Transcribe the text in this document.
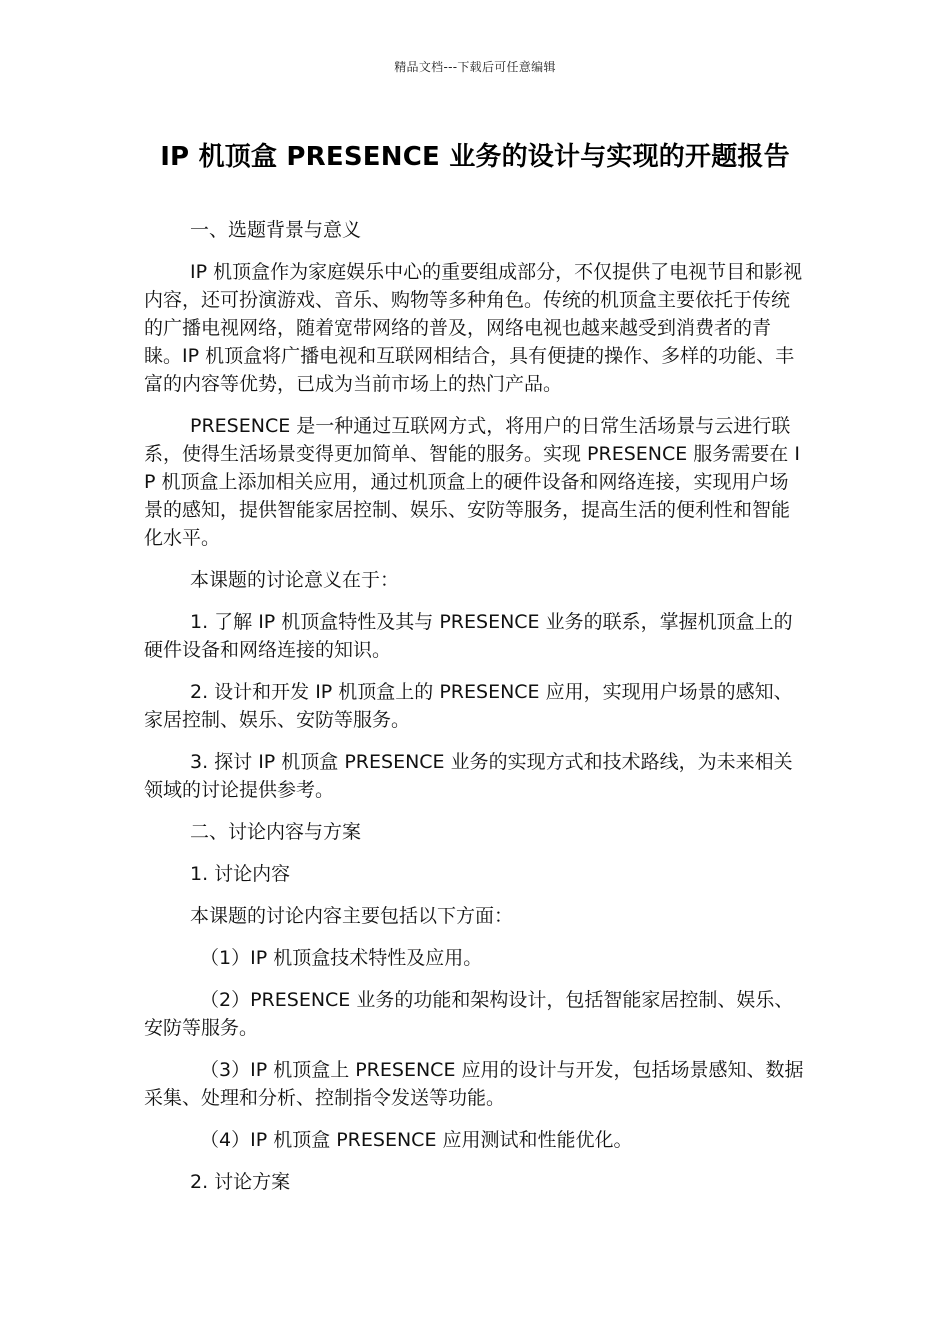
精品文档---下载后可任意编辑
IP 机顶盒 PRESENCE 业务的设计与实现的开题报告

一、选题背景与意义

IP 机顶盒作为家庭娱乐中心的重要组成部分，不仅提供了电视节目和影视内容，还可扮演游戏、音乐、购物等多种角色。传统的机顶盒主要依托于传统的广播电视网络，随着宽带网络的普及，网络电视也越来越受到消费者的青睐。IP 机顶盒将广播电视和互联网相结合，具有便捷的操作、多样的功能、丰富的内容等优势，已成为当前市场上的热门产品。

PRESENCE 是一种通过互联网方式，将用户的日常生活场景与云进行联系，使得生活场景变得更加简单、智能的服务。实现 PRESENCE 服务需要在 IP 机顶盒上添加相关应用，通过机顶盒上的硬件设备和网络连接，实现用户场景的感知，提供智能家居控制、娱乐、安防等服务，提高生活的便利性和智能化水平。

本课题的讨论意义在于：

1. 了解 IP 机顶盒特性及其与 PRESENCE 业务的联系，掌握机顶盒上的硬件设备和网络连接的知识。

2. 设计和开发 IP 机顶盒上的 PRESENCE 应用，实现用户场景的感知、家居控制、娱乐、安防等服务。

3. 探讨 IP 机顶盒 PRESENCE 业务的实现方式和技术路线，为未来相关领域的讨论提供参考。

二、讨论内容与方案

1. 讨论内容

本课题的讨论内容主要包括以下方面：

（1）IP 机顶盒技术特性及应用。

（2）PRESENCE 业务的功能和架构设计，包括智能家居控制、娱乐、安防等服务。

（3）IP 机顶盒上 PRESENCE 应用的设计与开发，包括场景感知、数据采集、处理和分析、控制指令发送等功能。

（4）IP 机顶盒 PRESENCE 应用测试和性能优化。

2. 讨论方案
